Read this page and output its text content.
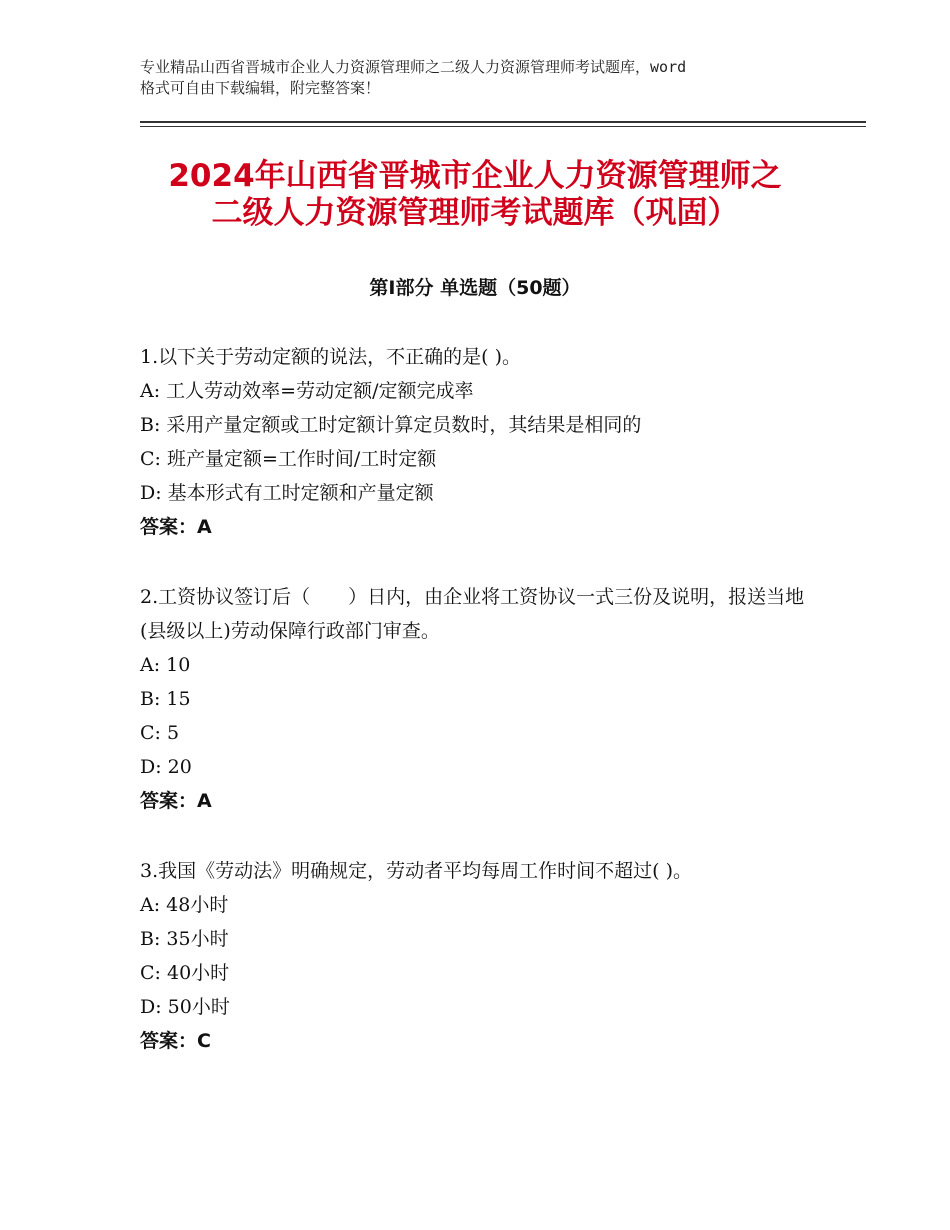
专业精品山西省晋城市企业人力资源管理师之二级人力资源管理师考试题库，word
格式可自由下载编辑，附完整答案！
2024年山西省晋城市企业人力资源管理师之
二级人力资源管理师考试题库（巩固）
第Ⅰ部分 单选题（50题）
1.以下关于劳动定额的说法，不正确的是( )。
A: 工人劳动效率=劳动定额/定额完成率
B: 采用产量定额或工时定额计算定员数时，其结果是相同的
C: 班产量定额=工作时间/工时定额
D: 基本形式有工时定额和产量定额
答案：A
2.工资协议签订后（　　）日内，由企业将工资协议一式三份及说明，报送当地(县级以上)劳动保障行政部门审查。
A: 10
B: 15
C: 5
D: 20
答案：A
3.我国《劳动法》明确规定，劳动者平均每周工作时间不超过( )。
A: 48小时
B: 35小时
C: 40小时
D: 50小时
答案：C
